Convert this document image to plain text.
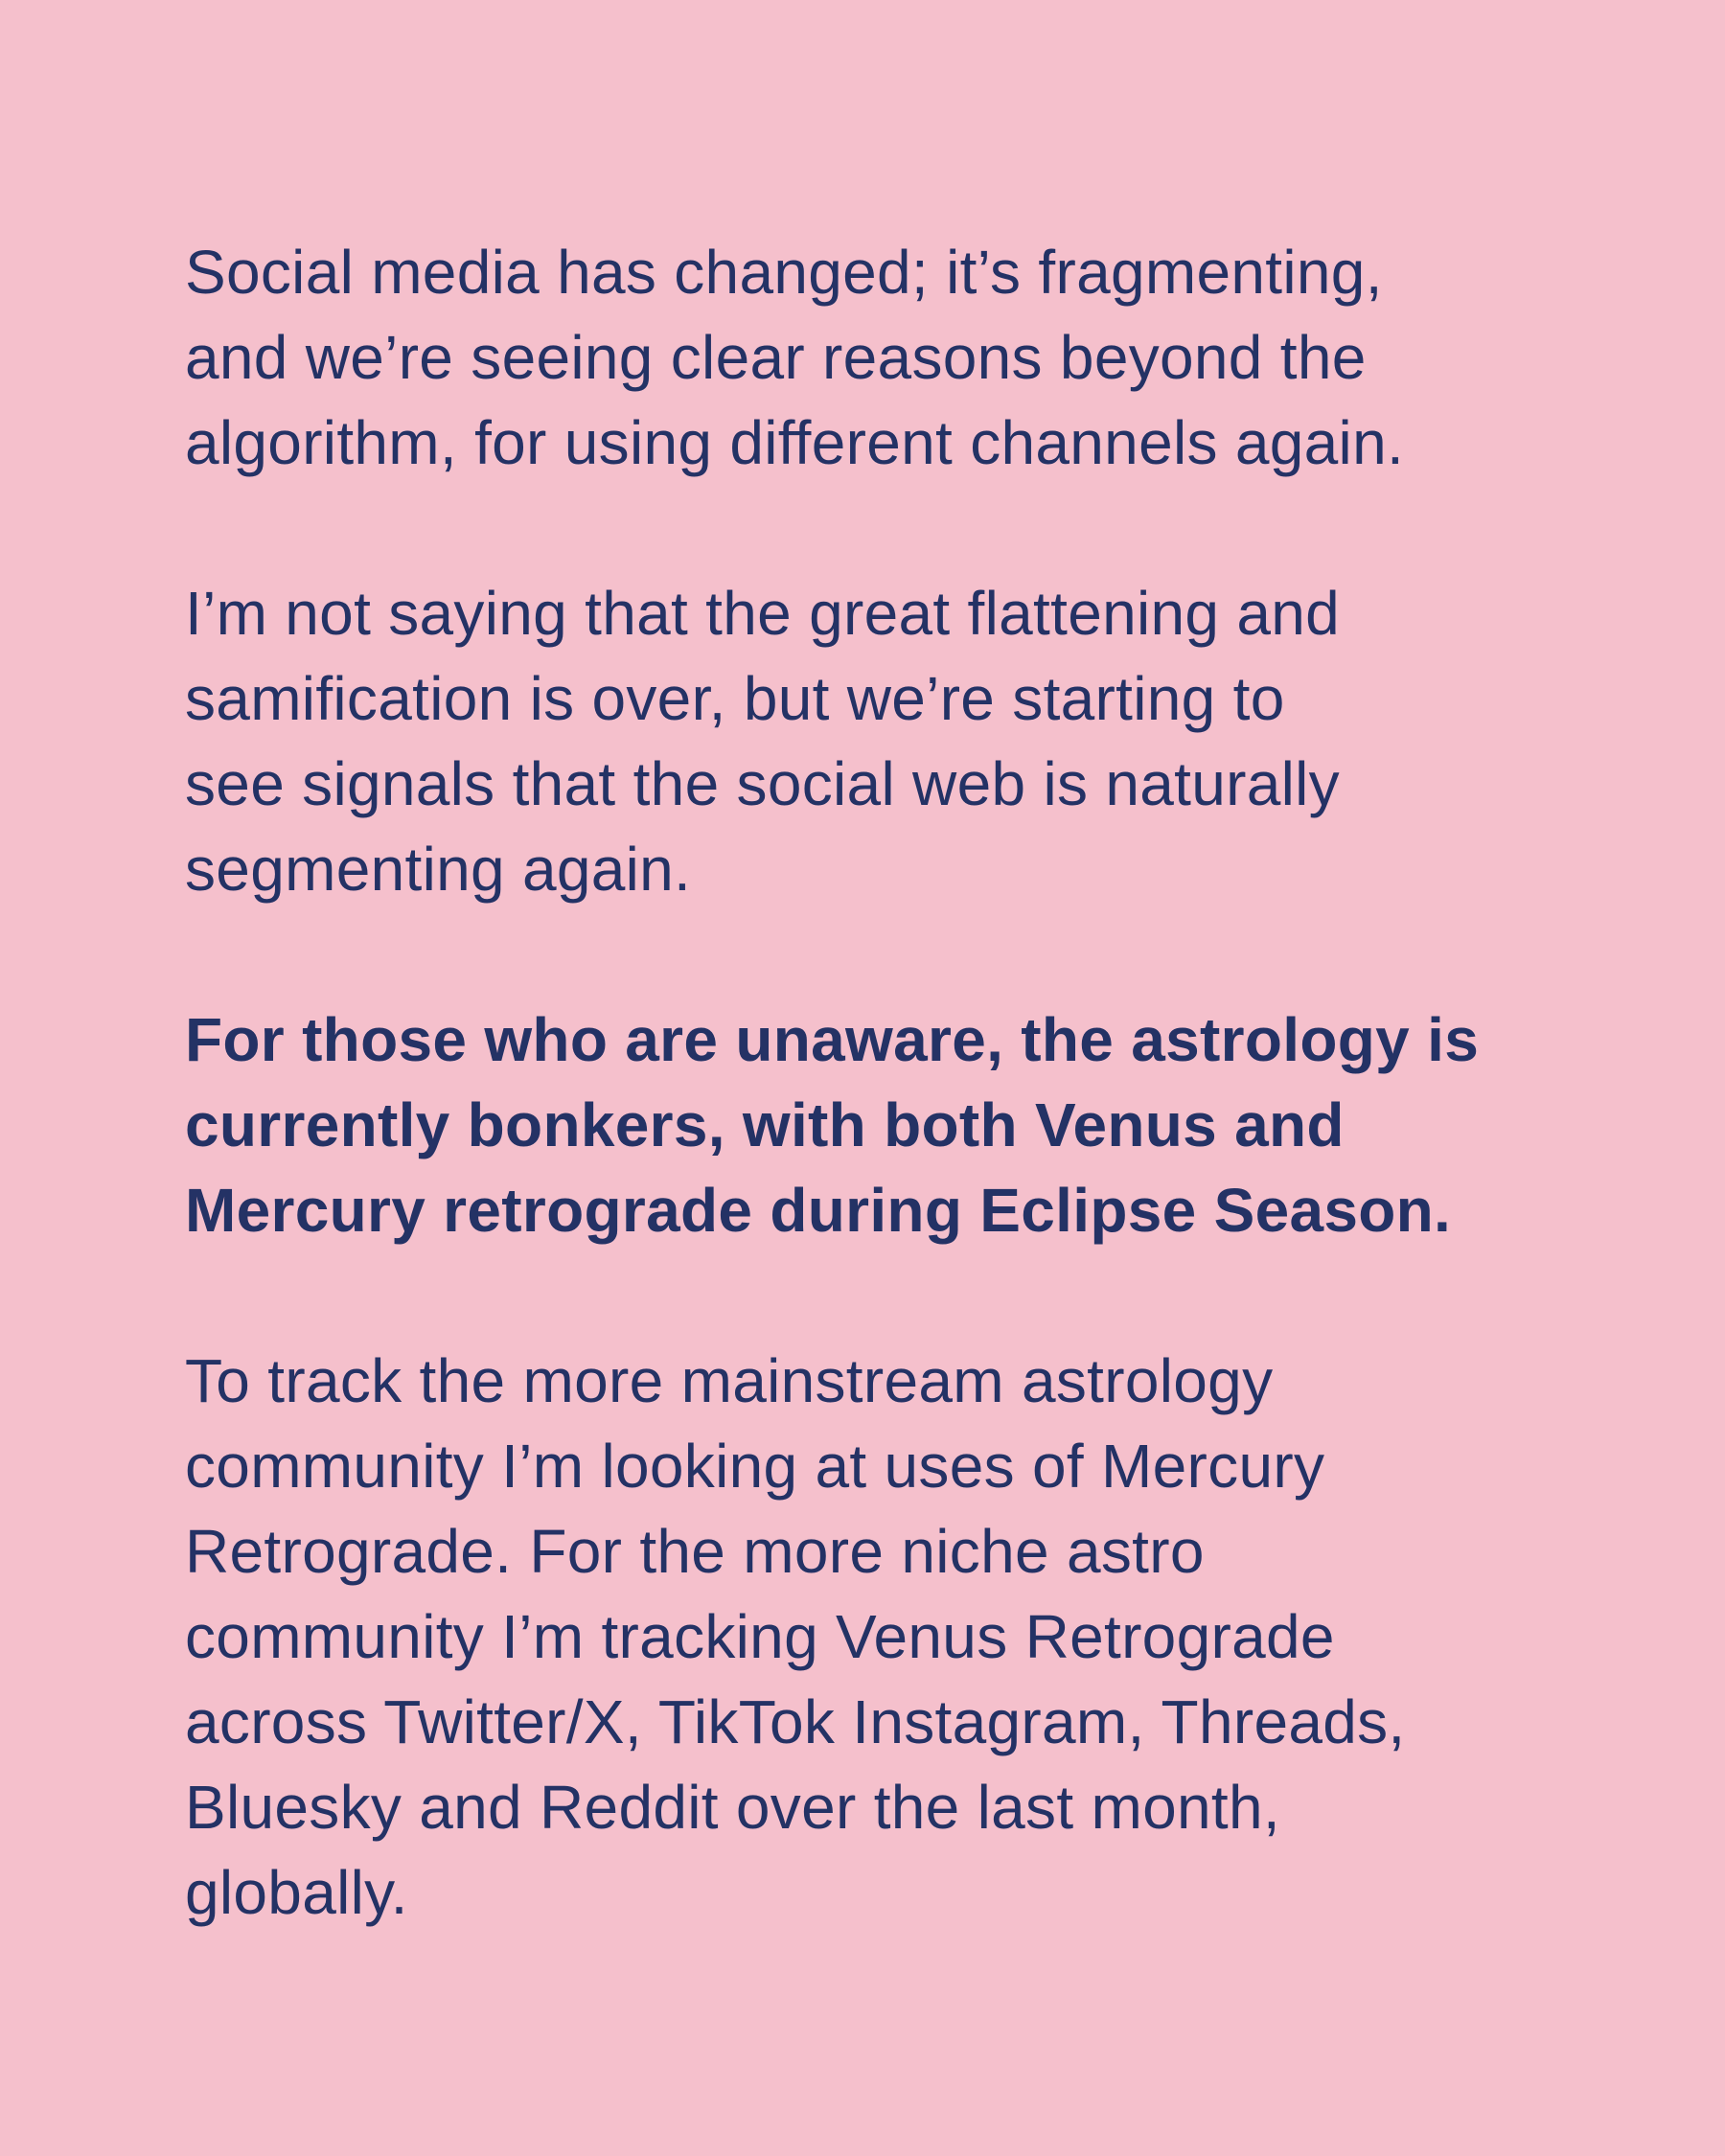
Social media has changed; it’s fragmenting,
and we’re seeing clear reasons beyond the
algorithm, for using different channels again.

I’m not saying that the great flattening and
samification is over, but we’re starting to
see signals that the social web is naturally
segmenting again.

For those who are unaware, the astrology is
currently bonkers, with both Venus and
Mercury retrograde during Eclipse Season.

To track the more mainstream astrology
community I’m looking at uses of Mercury
Retrograde. For the more niche astro
community I’m tracking Venus Retrograde
across Twitter/X, TikTok Instagram, Threads,
Bluesky and Reddit over the last month,
globally.
